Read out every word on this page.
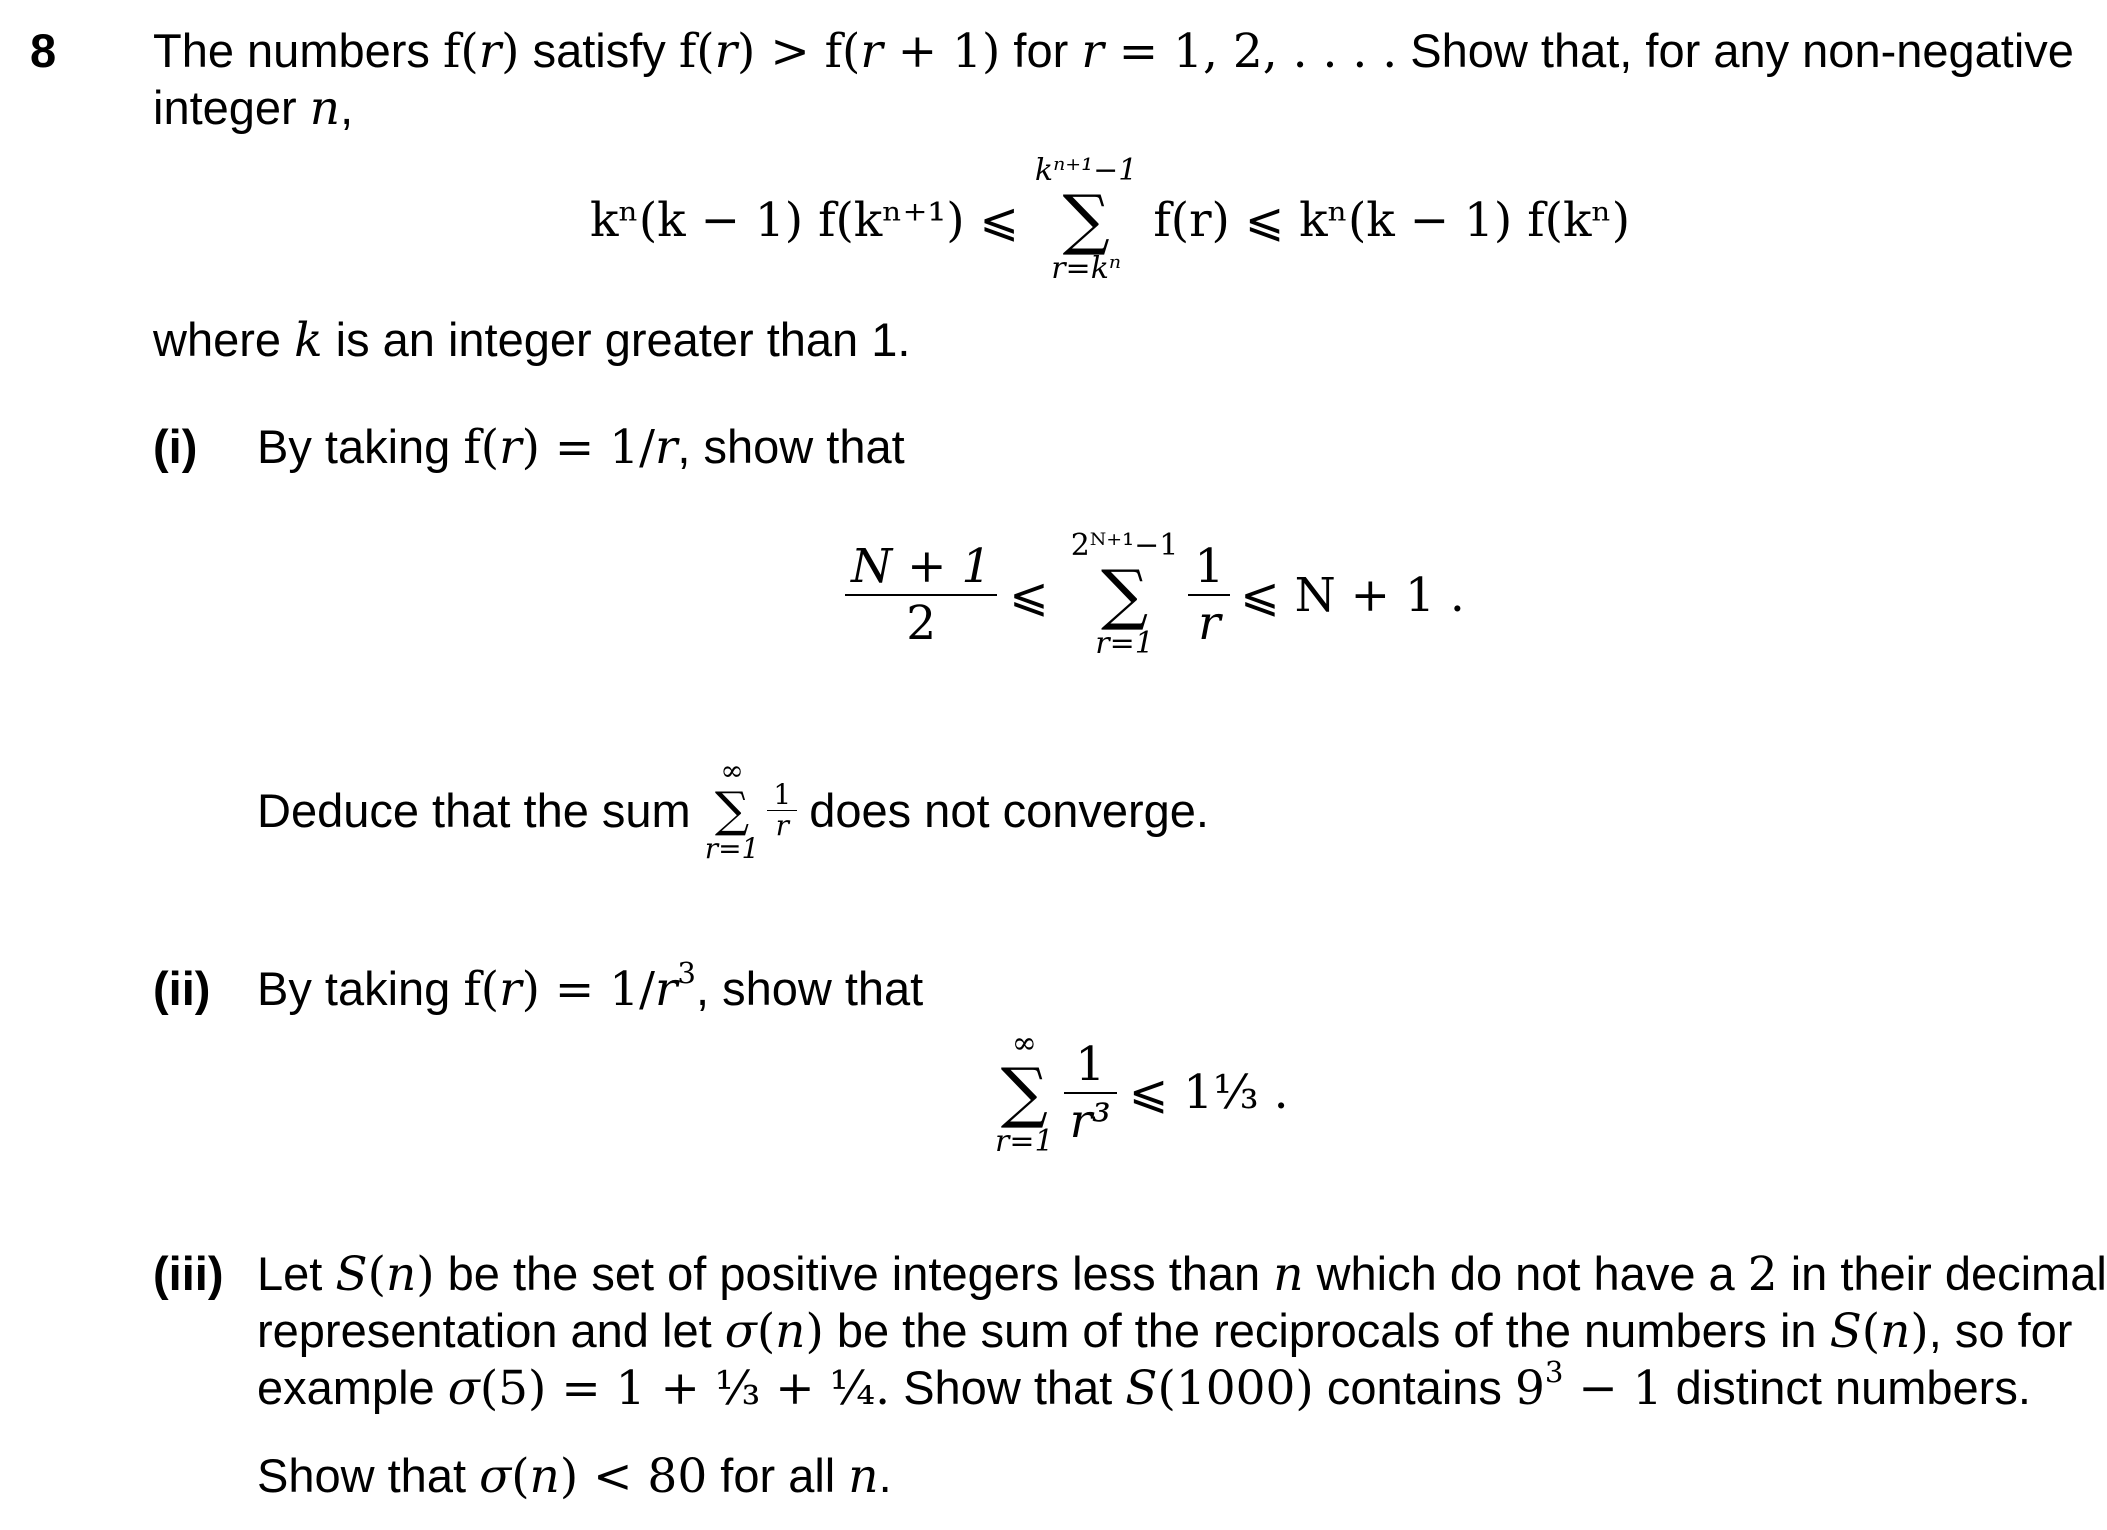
8 The numbers f(r) satisfy f(r) > f(r + 1) for r = 1, 2, . . . . Show that, for any non-negative
integer n,
kⁿ(k − 1) f(kⁿ⁺¹) ⩽
kⁿ⁺¹−1
∑
r=kⁿ
f(r) ⩽ kⁿ(k − 1) f(kⁿ)
where k is an integer greater than 1.
(i) By taking f(r) = 1/r, show that
$\frac{N + 1}{2}$ ⩽
2ᴺ⁺¹−1
∑
$r=1 \frac{1}{r}$ ⩽ N + 1 .
Deduce that the sum
∞
∑
r=1
$\frac{1}{r}$ does not converge.
(ii) By taking $f(r) = 1/r^3$, show that
∞
∑
$r=1 \frac{1}{\text{r³}}$ ⩽ 1⅓ .
(iii) Let S(n) be the set of positive integers less than n which do not have a 2 in their decimal
representation and let σ(n) be the sum of the reciprocals of the numbers in S(n), so for
example σ(5) = 1 + ⅓ + ¼. Show that S(1000) contains $9^3 - 1$ distinct numbers.
Show that σ(n) < 80 for all n.
